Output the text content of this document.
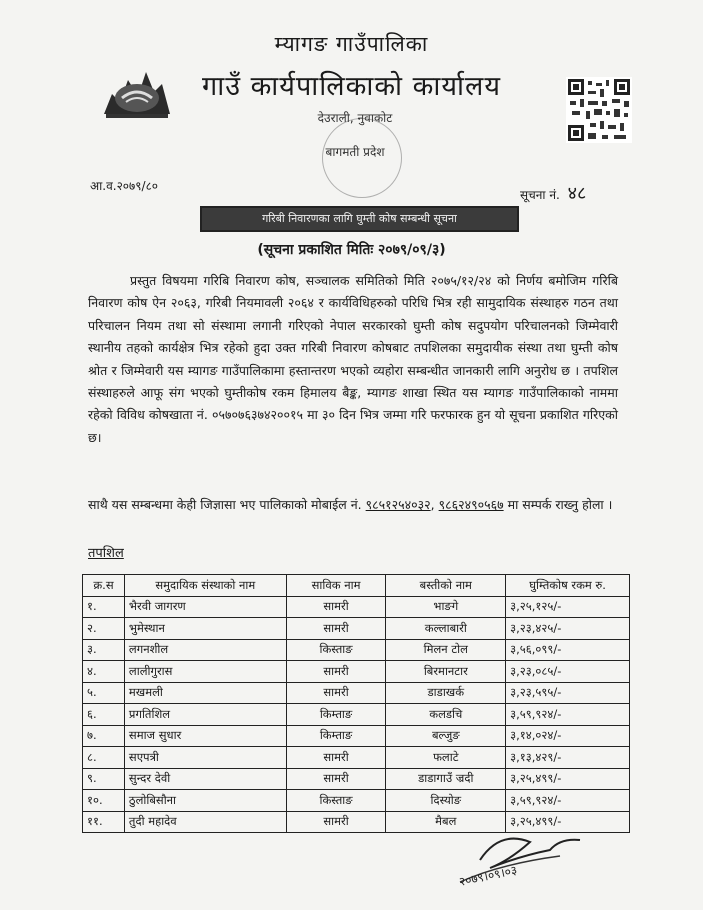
म्यागङ गाउँपालिका
गाउँ कार्यपालिकाको कार्यालय
देउराली, नुवाकोट
बागमती प्रदेश
आ.व.२०७९/८०
सूचना नं. ४८
गरिबी निवारणका लागि घुम्ती कोष सम्बन्धी सूचना
(सूचना प्रकाशित मितिः २०७९/०९/३)
प्रस्तुत विषयमा गरिबि निवारण कोष, सञ्चालक समितिको मिति २०७५/१२/२४ को निर्णय बमोजिम गरिबि निवारण कोष ऐन २०६३, गरिबी नियमावली २०६४ र कार्यविधिहरुको परिधि भित्र रही सामुदायिक संस्थाहरु गठन तथा परिचालन नियम तथा सो संस्थामा लगानी गरिएको नेपाल सरकारको घुम्ती कोष सदुपयोग परिचालनको जिम्मेवारी स्थानीय तहको कार्यक्षेत्र भित्र रहेको हुदा उक्त गरिबी निवारण कोषबाट तपशिलका समुदायीक संस्था तथा घुम्ती कोष श्रोत र जिम्मेवारी यस म्यागङ गाउँपालिकामा हस्तान्तरण भएको व्यहोरा सम्बन्धीत जानकारी लागि अनुरोध छ । तपशिल संस्थाहरुले आफू संग भएको घुम्तीकोष रकम हिमालय बैङ्क, म्यागङ शाखा स्थित यस म्यागङ गाउँपालिकाको नाममा रहेको विविध कोषखाता नं. ०५७०७६३७४२००१५ मा ३० दिन भित्र जम्मा गरि फरफारक हुन यो सूचना प्रकाशित गरिएको छ।
साथै यस सम्बन्धमा केही जिज्ञासा भए पालिकाको मोबाईल नं. ९८५१२५४०३२, ९८६२४९०५६७ मा सम्पर्क राख्नु होला ।
तपशिल
क्र.स	समुदायिक संस्थाको नाम	साविक नाम	बस्तीको नाम	घुम्तिकोष रकम रु.
१.	भैरवी जागरण	सामरी	भाङगे	३,२५,१२५/-
२.	भुमेस्थान	सामरी	कल्लाबारी	३,२३,४२५/-
३.	लगनशील	किस्ताङ	मिलन टोल	३,५६,०९९/-
४.	लालीगुरास	सामरी	बिरमानटार	३,२३,०८५/-
५.	मखमली	सामरी	डाडाखर्क	३,२३,५९५/-
६.	प्रगतिशिल	किम्ताङ	कलडचि	३,५९,९२४/-
७.	समाज सुधार	किम्ताङ	बल्जुङ	३,१४,०२४/-
८.	सएपत्री	सामरी	फलाटे	३,१३,४२९/-
९.	सुन्दर देवी	सामरी	डाडागाउँ ज्रदी	३,२५,४९९/-
१०.	ठुलोबिसौना	किस्ताङ	दिस्योङ	३,५९,९२४/-
११.	तुदी महादेव	सामरी	मैबल	३,२५,४९९/-
२०७९।०९।०३
